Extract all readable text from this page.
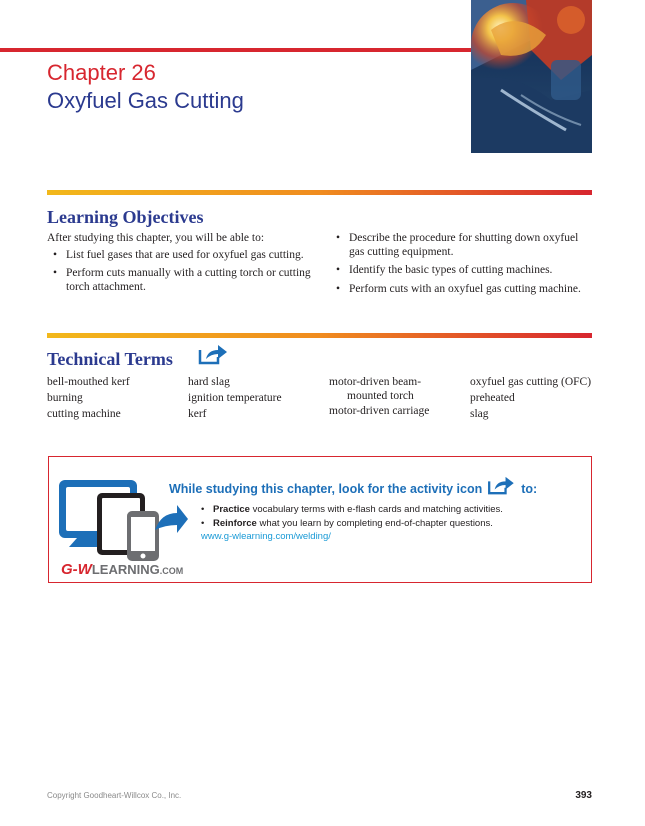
Chapter 26
Oxyfuel Gas Cutting
Learning Objectives
After studying this chapter, you will be able to:
• List fuel gases that are used for oxyfuel gas cutting.
• Perform cuts manually with a cutting torch or cutting torch attachment.
• Describe the procedure for shutting down oxyfuel gas cutting equipment.
• Identify the basic types of cutting machines.
• Perform cuts with an oxyfuel gas cutting machine.
Technical Terms
bell-mouthed kerf
burning
cutting machine
hard slag
ignition temperature
kerf
motor-driven beam-
mounted torch
motor-driven carriage
oxyfuel gas cutting (OFC)
preheated
slag
G-WLEARNING.COM
While studying this chapter, look for the activity icon	to:
• Practice vocabulary terms with e-flash cards and matching activities.
• Reinforce what you learn by completing end-of-chapter questions.
www.g-wlearning.com/welding/
Copyright Goodheart-Willcox Co., Inc.	393
